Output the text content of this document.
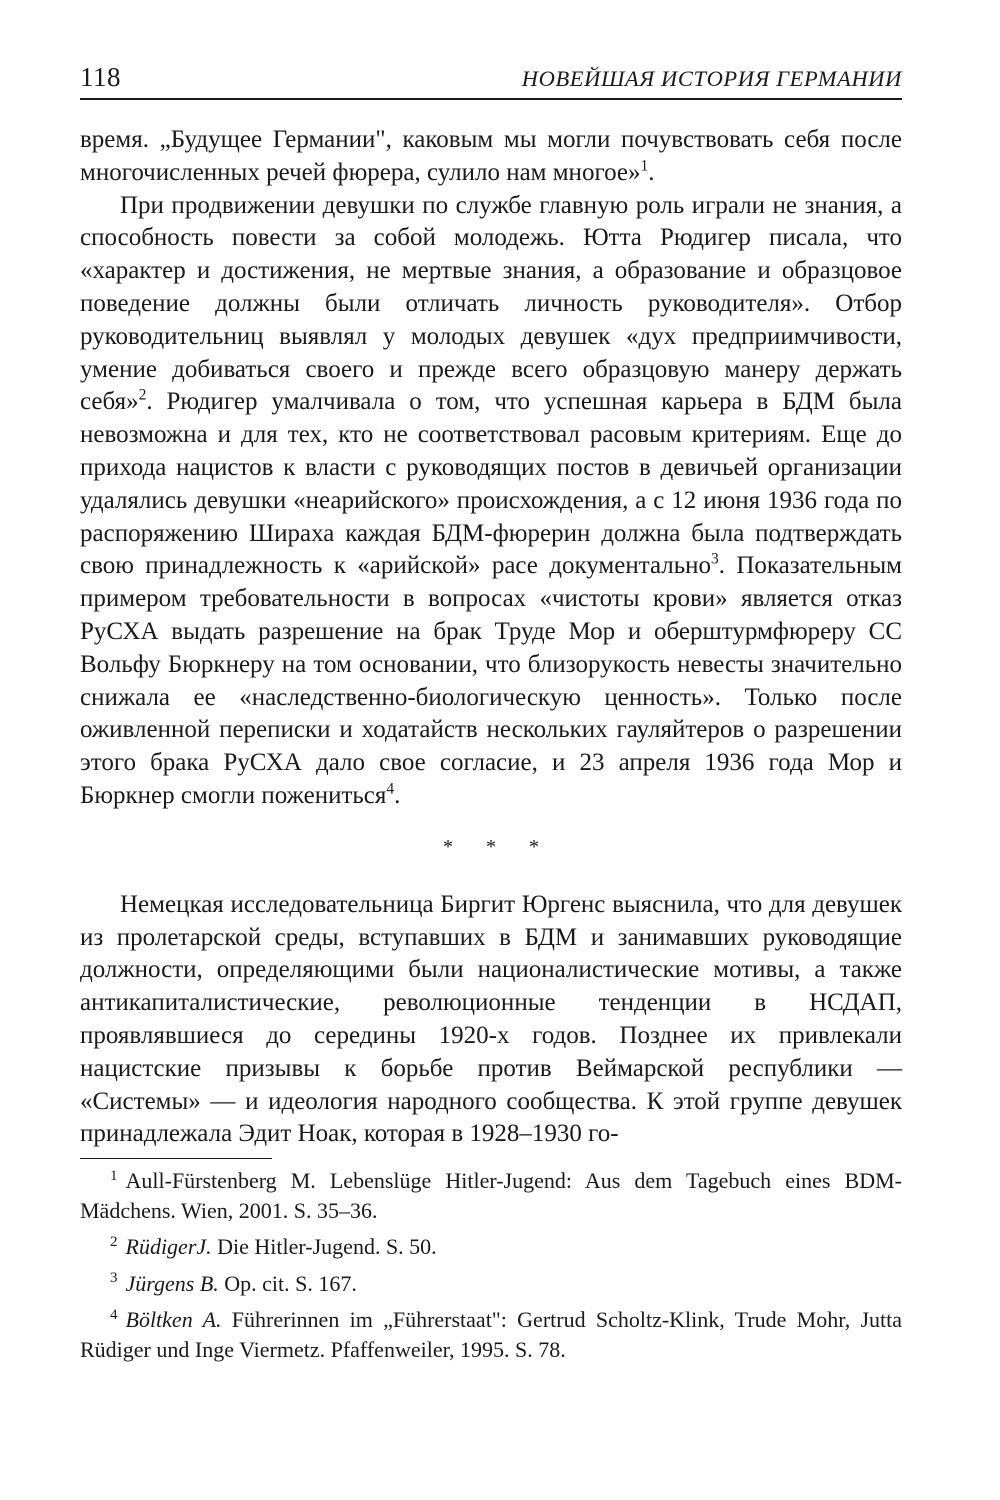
118	НОВЕЙШАЯ ИСТОРИЯ ГЕРМАНИИ

время. „Будущее Германии", каковым мы могли почувствовать себя после многочисленных речей фюрера, сулило нам многое»$^1$.

При продвижении девушки по службе главную роль играли не знания, а способность повести за собой молодежь. Ютта Рюдигер писала, что «характер и достижения, не мертвые знания, а образование и образцовое поведение должны были отличать личность руководителя». Отбор руководительниц выявлял у молодых девушек «дух предприимчивости, умение добиваться своего и прежде всего образцовую манеру держать себя»$^2$. Рюдигер умалчивала о том, что успешная карьера в БДМ была невозможна и для тех, кто не соответствовал расовым критериям. Еще до прихода нацистов к власти с руководящих постов в девичьей организации удалялись девушки «неарийского» происхождения, а с 12 июня 1936 года по распоряжению Шираха каждая БДМ-фюрерин должна была подтверждать свою принадлежность к «арийской» расе документально$^3$. Показательным примером требовательности в вопросах «чистоты крови» является отказ РуСХА выдать разрешение на брак Труде Мор и оберштурмфюреру СС Вольфу Бюркнеру на том основании, что близорукость невесты значительно снижала ее «наследственно-биологическую ценность». Только после оживленной переписки и ходатайств нескольких гауляйтеров о разрешении этого брака РуСХА дало свое согласие, и 23 апреля 1936 года Мор и Бюркнер смогли пожениться$^4$.

* * *

Немецкая исследовательница Биргит Юргенс выяснила, что для девушек из пролетарской среды, вступавших в БДМ и занимавших руководящие должности, определяющими были националистические мотивы, а также антикапиталистические, революционные тенденции в НСДАП, проявлявшиеся до середины 1920-х годов. Позднее их привлекали нацистские призывы к борьбе против Веймарской республики — «Системы» — и идеология народного сообщества. К этой группе девушек принадлежала Эдит Ноак, которая в 1928–1930 го-

$^1$ Aull-Fürstenberg M. Lebenslüge Hitler-Jugend: Aus dem Tagebuch eines BDM-Mädchens. Wien, 2001. S. 35–36.

$^2$ RüdigerJ. Die Hitler-Jugend. S. 50.

$^3$ Jürgens B. Op. cit. S. 167.

$^4$ Böltken A. Führerinnen im „Führerstaat": Gertrud Scholtz-Klink, Trude Mohr, Jutta Rüdiger und Inge Viermetz. Pfaffenweiler, 1995. S. 78.
